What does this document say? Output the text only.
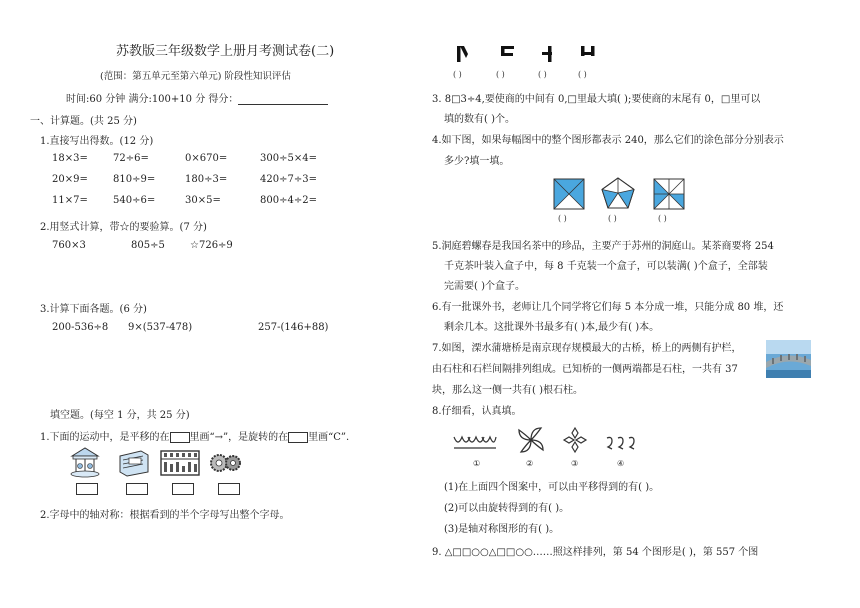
苏教版三年级数学上册月考测试卷(二)
(范围：第五单元至第六单元) 阶段性知识评估
时间:60 分钟 满分:100+10 分 得分：
一、计算题。(共 25 分)
1.直接写出得数。(12 分)
18×3=	72÷6=	0×670=	300÷5×4=
20×9=	810÷9=	180÷3=	420÷7÷3=
11×7=	540÷6=	30×5=	800÷4÷2=
2.用竖式计算，带☆的要验算。(7 分)
760×3	805÷5	☆726÷9
3.计算下面各题。(6 分)
200-536÷8 9×(537-478)	257-(146+88)
填空题。(每空 1 分，共 25 分)
1.下面的运动中，是平移的在 里画“→”，是旋转的在 里画“C”.
2.字母中的轴对称：根据看到的半个字母写出整个字母。
( )	( )	( )	( )
3. 8□3÷4,要使商的中间有 0,□里最大填( );要使商的末尾有 0，□里可以
填的数有( )个。
4.如下图，如果每幅图中的整个图形都表示 240，那么它们的涂色部分分别表示
多少?填一填。
( )	( )	( )
5.洞庭碧螺春是我国名茶中的珍品，主要产于苏州的洞庭山。某茶商要将 254
千克茶叶装入盒子中，每 8 千克装一个盒子，可以装满( )个盒子，全部装
完需要( )个盒子。
6.有一批课外书，老师让几个同学将它们每 5 本分成一堆，只能分成 80 堆，还
剩余几本。这批课外书最多有( )本,最少有( )本。
7.如图，溧水蒲塘桥是南京现存规模最大的古桥，桥上的两侧有护栏，
由石柱和石栏间隔排列组成。已知桥的一侧两端都是石柱，一共有 37
块，那么这一侧一共有( )根石柱。
8.仔细看，认真填。
①	②	③	④
(1)在上面四个图案中，可以由平移得到的有( )。
(2)可以由旋转得到的有( )。
(3)是轴对称图形的有( )。
9. △□□○○△□□○○……照这样排列，第 54 个图形是( )，第 557 个图
